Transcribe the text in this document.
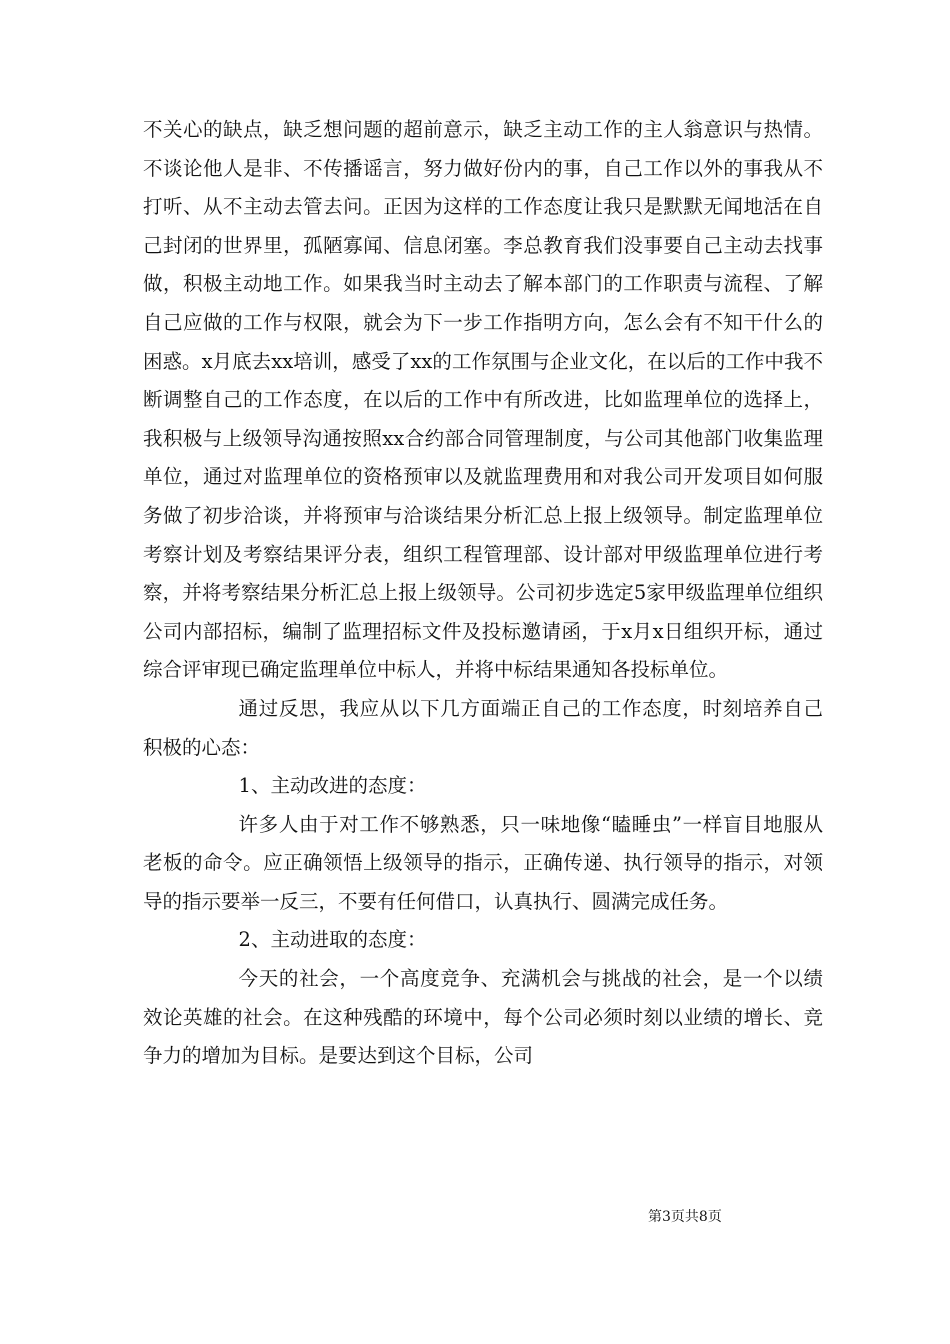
不关心的缺点，缺乏想问题的超前意示，缺乏主动工作的主人翁意识与热情。不谈论他人是非、不传播谣言，努力做好份内的事，自己工作以外的事我从不打听、从不主动去管去问。正因为这样的工作态度让我只是默默无闻地活在自己封闭的世界里，孤陋寡闻、信息闭塞。李总教育我们没事要自己主动去找事做，积极主动地工作。如果我当时主动去了解本部门的工作职责与流程、了解自己应做的工作与权限，就会为下一步工作指明方向，怎么会有不知干什么的困惑。x月底去xx培训，感受了xx的工作氛围与企业文化，在以后的工作中我不断调整自己的工作态度，在以后的工作中有所改进，比如监理单位的选择上，我积极与上级领导沟通按照xx合约部合同管理制度，与公司其他部门收集监理单位，通过对监理单位的资格预审以及就监理费用和对我公司开发项目如何服务做了初步洽谈，并将预审与洽谈结果分析汇总上报上级领导。制定监理单位考察计划及考察结果评分表，组织工程管理部、设计部对甲级监理单位进行考察，并将考察结果分析汇总上报上级领导。公司初步选定5家甲级监理单位组织公司内部招标，编制了监理招标文件及投标邀请函，于x月x日组织开标，通过综合评审现已确定监理单位中标人，并将中标结果通知各投标单位。

通过反思，我应从以下几方面端正自己的工作态度，时刻培养自己积极的心态：

1、主动改进的态度：

许多人由于对工作不够熟悉，只一味地像“瞌睡虫”一样盲目地服从老板的命令。应正确领悟上级领导的指示，正确传递、执行领导的指示，对领导的指示要举一反三，不要有任何借口，认真执行、圆满完成任务。

2、主动进取的态度：

今天的社会，一个高度竞争、充满机会与挑战的社会，是一个以绩效论英雄的社会。在这种残酷的环境中，每个公司必须时刻以业绩的增长、竞争力的增加为目标。是要达到这个目标，公司

第3页共8页
